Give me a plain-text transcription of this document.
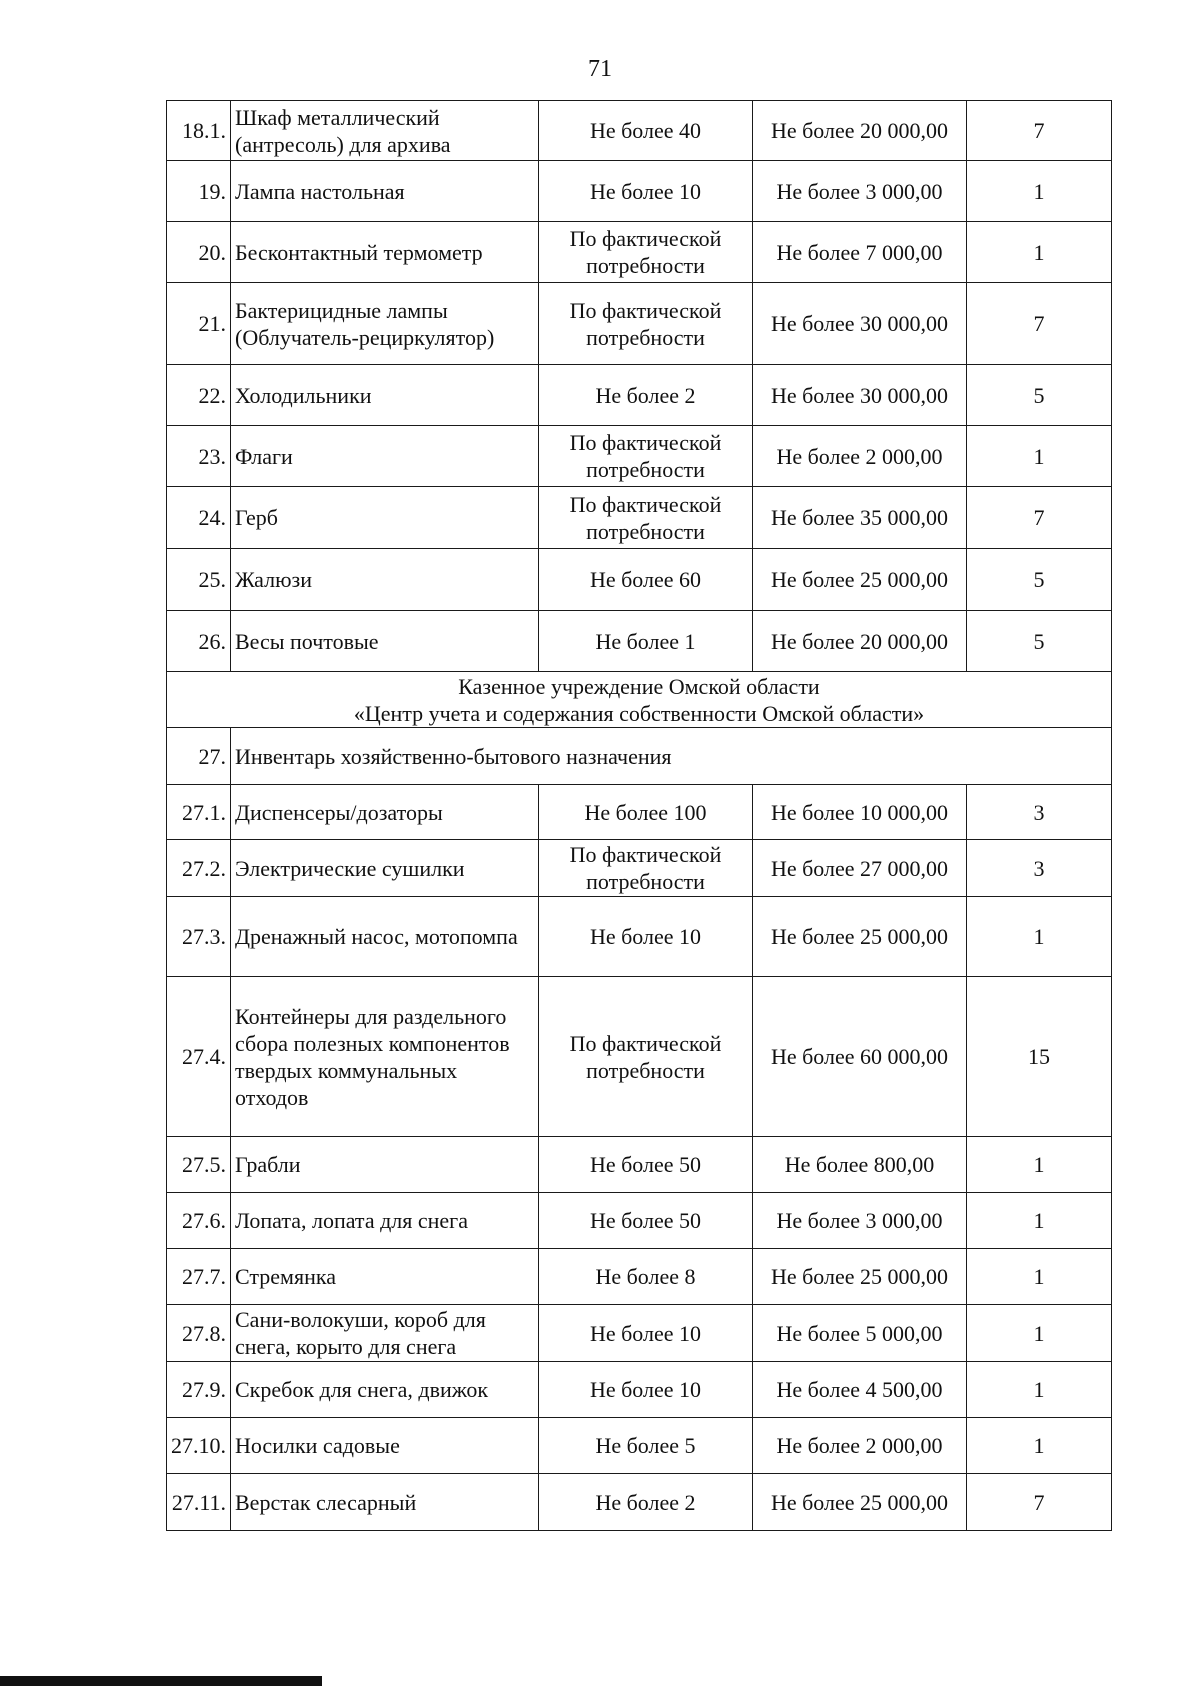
71
18.1.	Шкаф металлический (антресоль) для архива	Не более 40	Не более 20 000,00	7
19.	Лампа настольная	Не более 10	Не более 3 000,00	1
20.	Бесконтактный термометр	По фактической потребности	Не более 7 000,00	1
21.	Бактерицидные лампы (Облучатель-рециркулятор)	По фактической потребности	Не более 30 000,00	7
22.	Холодильники	Не более 2	Не более 30 000,00	5
23.	Флаги	По фактической потребности	Не более 2 000,00	1
24.	Герб	По фактической потребности	Не более 35 000,00	7
25.	Жалюзи	Не более 60	Не более 25 000,00	5
26.	Весы почтовые	Не более 1	Не более 20 000,00	5
Казенное учреждение Омской области
«Центр учета и содержания собственности Омской области»				
27.	Инвентарь хозяйственно-бытового назначения			
27.1.	Диспенсеры/дозаторы	Не более 100	Не более 10 000,00	3
27.2.	Электрические сушилки	По фактической потребности	Не более 27 000,00	3
27.3.	Дренажный насос, мотопомпа	Не более 10	Не более 25 000,00	1
27.4.	Контейнеры для раздельного сбора полезных компонентов твердых коммунальных отходов	По фактической потребности	Не более 60 000,00	15
27.5.	Грабли	Не более 50	Не более 800,00	1
27.6.	Лопата, лопата для снега	Не более 50	Не более 3 000,00	1
27.7.	Стремянка	Не более 8	Не более 25 000,00	1
27.8.	Сани-волокуши, короб для снега, корыто для снега	Не более 10	Не более 5 000,00	1
27.9.	Скребок для снега, движок	Не более 10	Не более 4 500,00	1
27.10.	Носилки садовые	Не более 5	Не более 2 000,00	1
27.11.	Верстак слесарный	Не более 2	Не более 25 000,00	7
